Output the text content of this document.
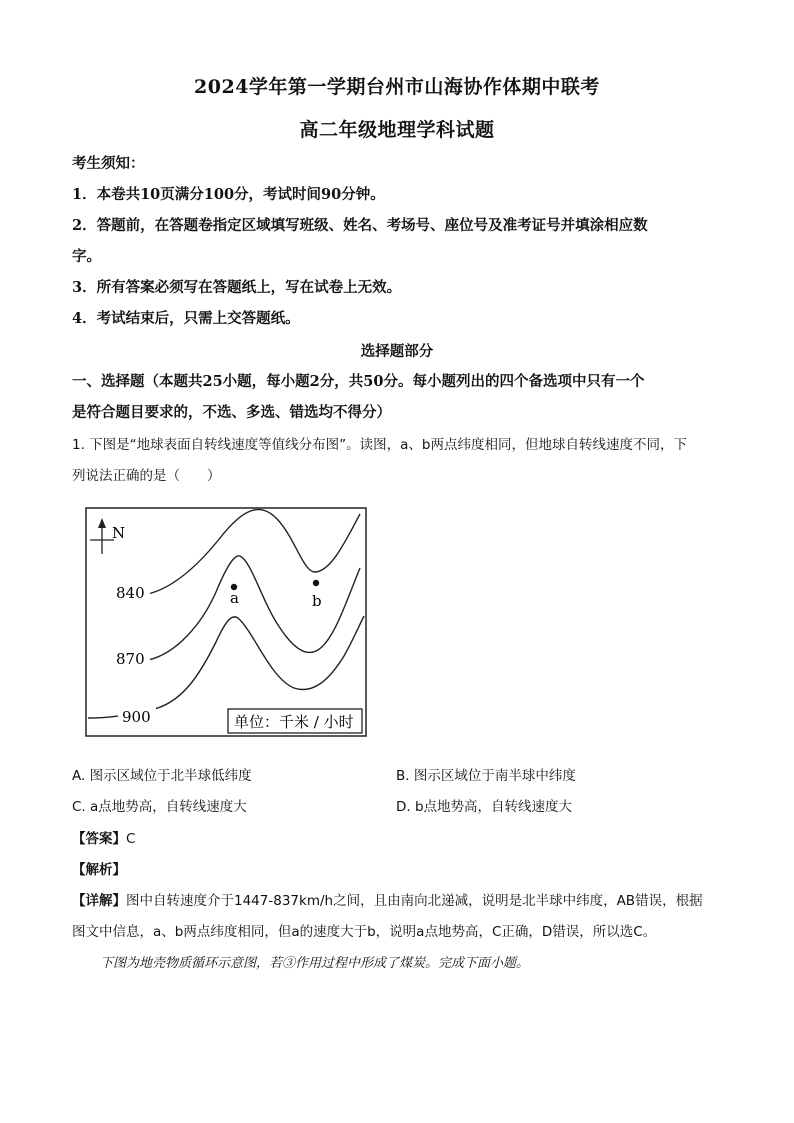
2024学年第一学期台州市山海协作体期中联考
高二年级地理学科试题
考生须知：
1．本卷共10页满分100分，考试时间90分钟。
2．答题前，在答题卷指定区域填写班级、姓名、考场号、座位号及准考证号并填涂相应数
字。
3．所有答案必须写在答题纸上，写在试卷上无效。
4．考试结束后，只需上交答题纸。
选择题部分
一、选择题（本题共25小题，每小题2分，共50分。每小题列出的四个备选项中只有一个
是符合题目要求的，不选、多选、错选均不得分）
1. 下图是“地球表面自转线速度等值线分布图”。读图，a、b两点纬度相同，但地球自转线速度不同，下
列说法正确的是（　　）
N
840
870
900
a	b
单位：千米 / 小时
A. 图示区域位于北半球低纬度	B. 图示区域位于南半球中纬度
C. a点地势高，自转线速度大	D. b点地势高，自转线速度大
【答案】C
【解析】
【详解】图中自转速度介于1447-837km/h之间，且由南向北递减，说明是北半球中纬度，AB错误，根据
图文中信息，a、b两点纬度相同，但a的速度大于b，说明a点地势高，C正确，D错误，所以选C。
下图为地壳物质循环示意图，若③作用过程中形成了煤炭。完成下面小题。
